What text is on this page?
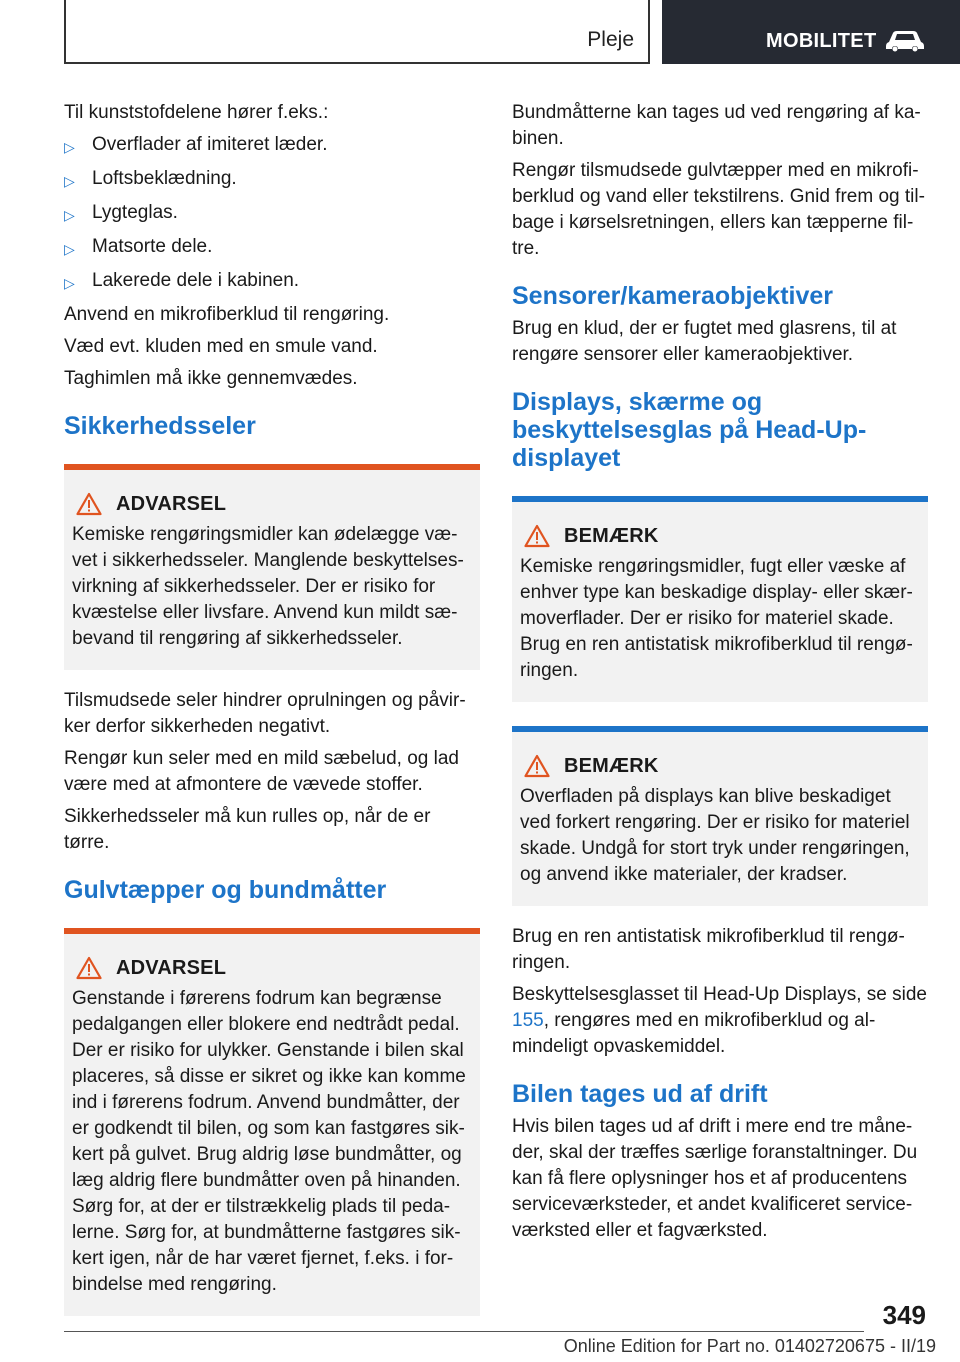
Pleje	MOBILITET

Til kunststofdelene hører f.eks.:

▷ Overflader af imiteret læder.
▷ Loftsbeklædning.
▷ Lygteglas.
▷ Matsorte dele.
▷ Lakerede dele i kabinen.

Anvend en mikrofiberklud til rengøring.

Væd evt. kluden med en smule vand.

Taghimlen må ikke gennemvædes.

Sikkerhedsseler
ADVARSEL

Kemiske rengøringsmidler kan ødelægge væ-vet i sikkerhedsseler. Manglende beskyttelses-virkning af sikkerhedsseler. Der er risiko for kvæstelse eller livsfare. Anvend kun mildt sæ-bevand til rengøring af sikkerhedsseler.

Tilsmudsede seler hindrer oprulningen og påvir-ker derfor sikkerheden negativt.

Rengør kun seler med en mild sæbelud, og lad være med at afmontere de vævede stoffer.

Sikkerhedsseler må kun rulles op, når de er tørre.

Gulvtæpper og bundmåtter
ADVARSEL

Genstande i førerens fodrum kan begrænse pedalgangen eller blokere end nedtrådt pedal. Der er risiko for ulykker. Genstande i bilen skal placeres, så disse er sikret og ikke kan komme ind i førerens fodrum. Anvend bundmåtter, der er godkendt til bilen, og som kan fastgøres sik-kert på gulvet. Brug aldrig løse bundmåtter, og læg aldrig flere bundmåtter oven på hinanden. Sørg for, at der er tilstrækkelig plads til peda-lerne. Sørg for, at bundmåtterne fastgøres sik-kert igen, når de har været fjernet, f.eks. i for-bindelse med rengøring.

Bundmåtterne kan tages ud ved rengøring af ka-binen.

Rengør tilsmudsede gulvtæpper med en mikrofi-berklud og vand eller tekstilrens. Gnid frem og til-bage i kørselsretningen, ellers kan tæpperne fil-tre.

Sensorer/kameraobjektiver

Brug en klud, der er fugtet med glasrens, til at rengøre sensorer eller kameraobjektiver.

Displays, skærme og beskyttelsesglas på Head-Up-displayet
BEMÆRK

Kemiske rengøringsmidler, fugt eller væske af enhver type kan beskadige display- eller skær-moverflader. Der er risiko for materiel skade. Brug en ren antistatisk mikrofiberklud til rengø-ringen.

BEMÆRK

Overfladen på displays kan blive beskadiget ved forkert rengøring. Der er risiko for materiel skade. Undgå for stort tryk under rengøringen, og anvend ikke materialer, der kradser.

Brug en ren antistatisk mikrofiberklud til rengø-ringen.

Beskyttelsesglasset til Head-Up Displays, se side 155, rengøres med en mikrofiberklud og al-mindeligt opvaskemiddel.

Bilen tages ud af drift

Hvis bilen tages ud af drift i mere end tre måne-der, skal der træffes særlige foranstaltninger. Du kan få flere oplysninger hos et af producentens serviceværksteder, et andet kvalificeret service-værksted eller et fagværksted.

349
Online Edition for Part no. 01402720675 - II/19
